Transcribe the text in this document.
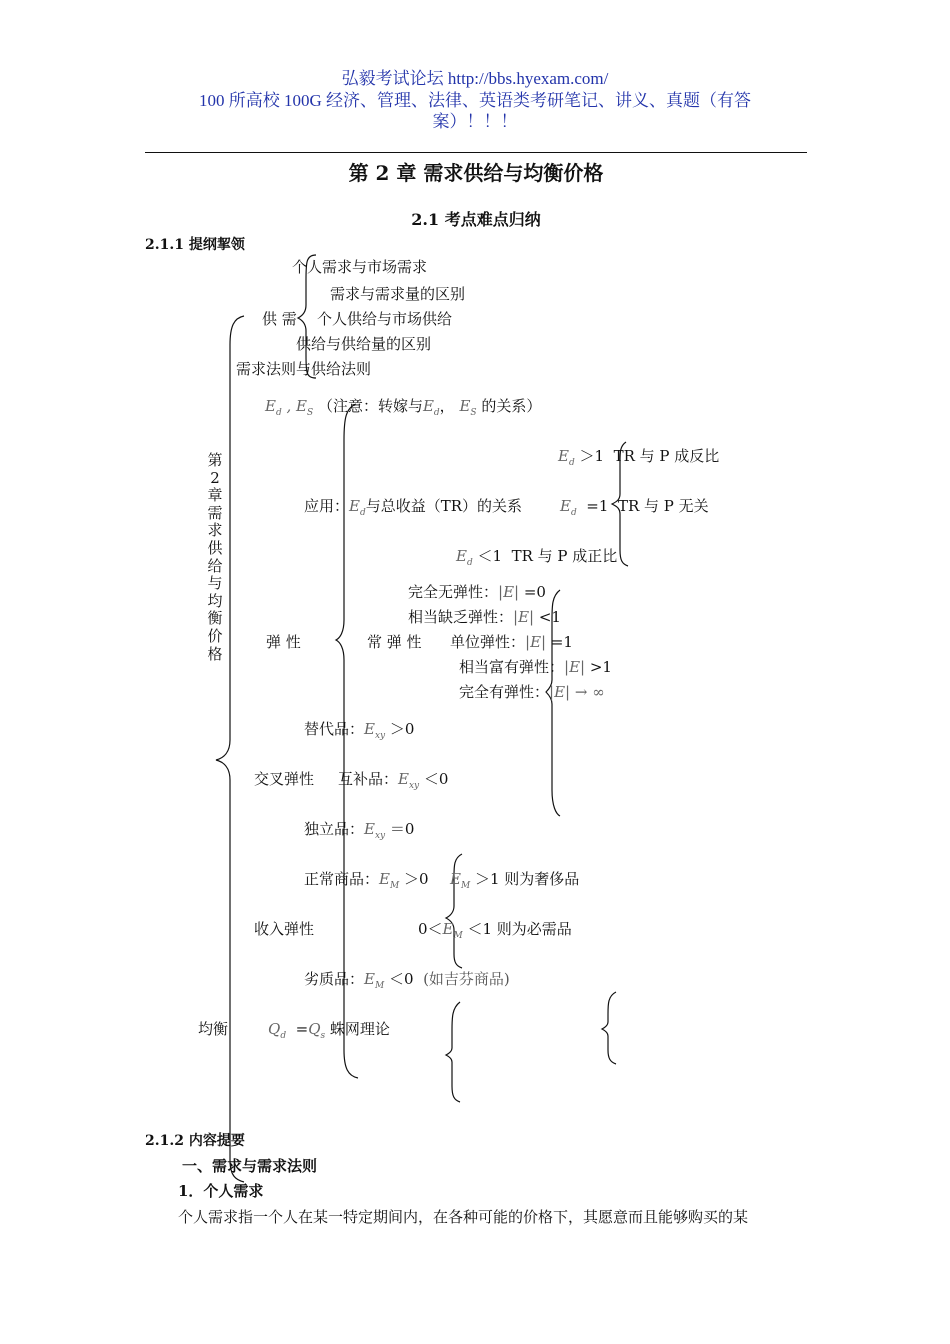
弘毅考试论坛 http://bbs.hyexam.com/
100 所高校 100G 经济、管理、法律、英语类考研笔记、讲义、真题（有答
案）！！！
第 2 章 需求供给与均衡价格
2.1 考点难点归纳
2.1.1 提纲挈领
第2章需求供给与均衡价格
个人需求与市场需求
需求与需求量的区别
供 需 个人供给与市场供给
供给与供给量的区别
需求法则与供给法则
$E_d$ , $E_S$ （注意：转嫁与$E_d$， $E_S$ 的关系）
$E_d >1$ TR 与 P 成反比
应用：$E_d$与总收益（TR）的关系	$E_d =1$ TR 与 P 无关
$E_d <1$ TR 与 P 成正比
完全无弹性：|E| =0
相当缺乏弹性：|E| <1
弹 性	常 弹 性 单位弹性：|E| =1
相当富有弹性：|E| >1
完全有弹性：|E| → ∞
替代品：$E_{xy} >0$
交叉弹性 互补品：$E_{xy} <0$
独立品：$E_{xy} =0$
正常商品：$E_M >0$ $E_M >1$ 则为奢侈品
收入弹性	$0<E_M <1$ 则为必需品
劣质品：$E_M <0$ (如吉芬商品)
均衡	$Q_d =Q_s$ 蛛网理论
2.1.2 内容提要
一、需求与需求法则
1．个人需求
个人需求指一个人在某一特定期间内，在各种可能的价格下，其愿意而且能够购买的某
